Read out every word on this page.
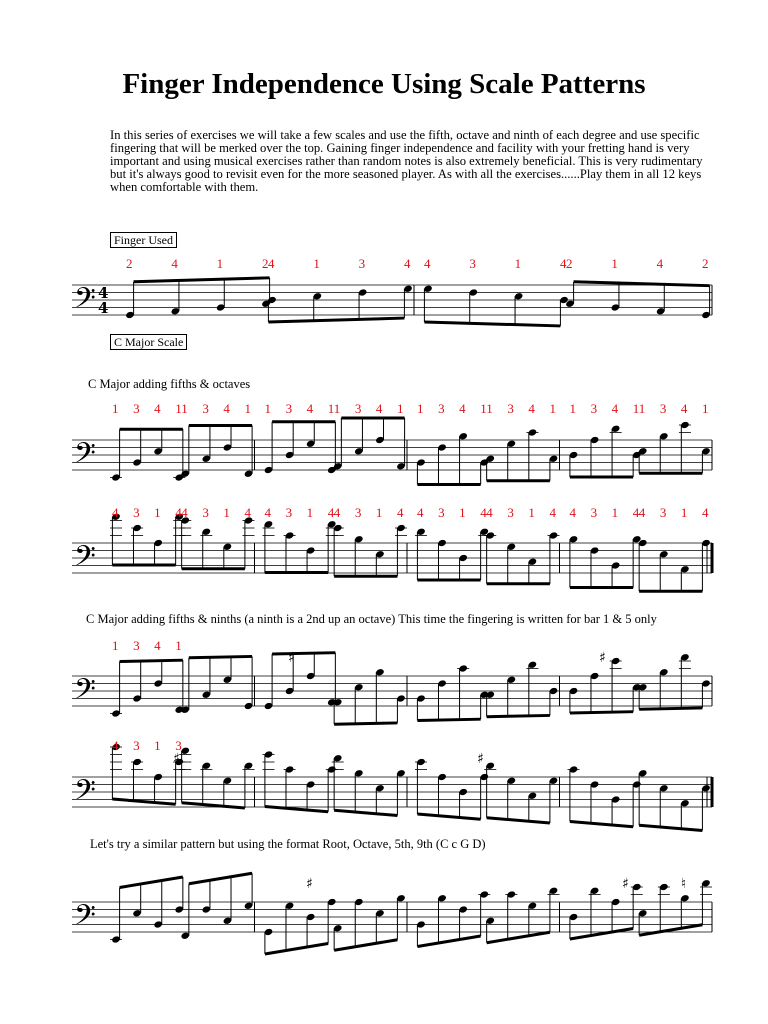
Finger Independence Using Scale Patterns

In this series of exercises we will take a few scales and use the fifth, octave and ninth of each degree and use specific fingering that will be merked over the top. Gaining finger independence and facility with your fretting hand is very important and using musical exercises rather than random notes is also extremely beneficial. This is very rudimentary but it's always good to revisit even for the more seasoned player. As with all the exercises......Play them in all 12 keys when comfortable with them.

Finger Used
𝄢 4
4
2	4	1	2 4	1	3	4 4	3	1	4 2	1	4	2
C Major Scale

C Major adding fifths & octaves

𝄢
1 3 4 1 1 3 4 1 1 3 4 1 1 3 4 1 1 3 4 1 1 3 4 1 1 3 4 1 1 3 4 1
𝄢
4 3 1 4 4 3 1 4 4 3 1 4 4 3 1 4 4 3 1 4 4 3 1 4 4 3 1 4 4 3 1 4

C Major adding fifths & ninths (a ninth is a 2nd up an octave) This time the fingering is written for bar 1 & 5 only

𝄢
♯	♯
1 3 4 1
𝄢
♯	♯
4 3 1 3

Let's try a similar pattern but using the format Root, Octave, 5th, 9th (C c G D)

𝄢
♯	♯	♮
